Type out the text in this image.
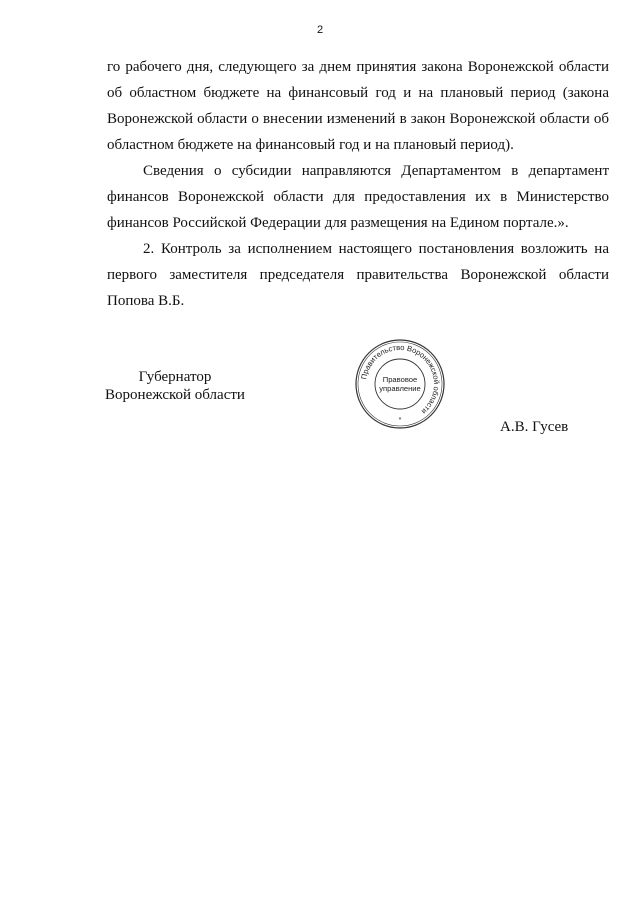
2

го рабочего дня, следующего за днем принятия закона Воронежской области об областном бюджете на финансовый год и на плановый период (закона Воронежской области о внесении изменений в закон Воронежской области об областном бюджете на финансовый год и на плановый период).

Сведения о субсидии направляются Департаментом в департамент финансов Воронежской области для предоставления их в Министерство финансов Российской Федерации для размещения на Едином портале.».

2. Контроль за исполнением настоящего постановления возложить на первого заместителя председателя правительства Воронежской области Попова В.Б.

Губернатор
Воронежской области
Правительство Воронежской области
Правовое
управление
*	А.В. Гусев
